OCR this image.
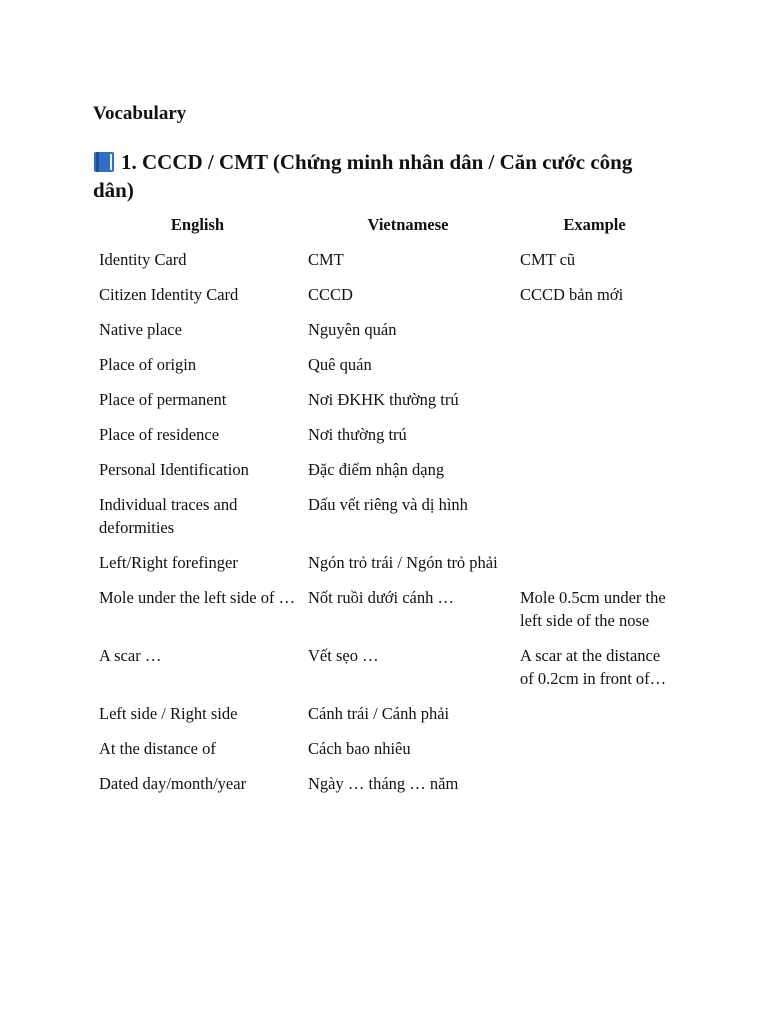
Vocabulary
1. CCCD / CMT (Chứng minh nhân dân / Căn cước công dân)
English	Vietnamese	Example
Identity Card	CMT	CMT cũ
Citizen Identity Card	CCCD	CCCD bản mới
Native place	Nguyên quán	
Place of origin	Quê quán	
Place of permanent	Nơi ĐKHK thường trú	
Place of residence	Nơi thường trú	
Personal Identification	Đặc điểm nhận dạng	
Individual traces and deformities	Dấu vết riêng và dị hình	
Left/Right forefinger	Ngón trỏ trái / Ngón trỏ phải	
Mole under the left side of …	Nốt ruồi dưới cánh …	Mole 0.5cm under the left side of the nose
A scar …	Vết sẹo …	A scar at the distance of 0.2cm in front of…
Left side / Right side	Cánh trái / Cánh phải	
At the distance of	Cách bao nhiêu	
Dated day/month/year	Ngày … tháng … năm	
